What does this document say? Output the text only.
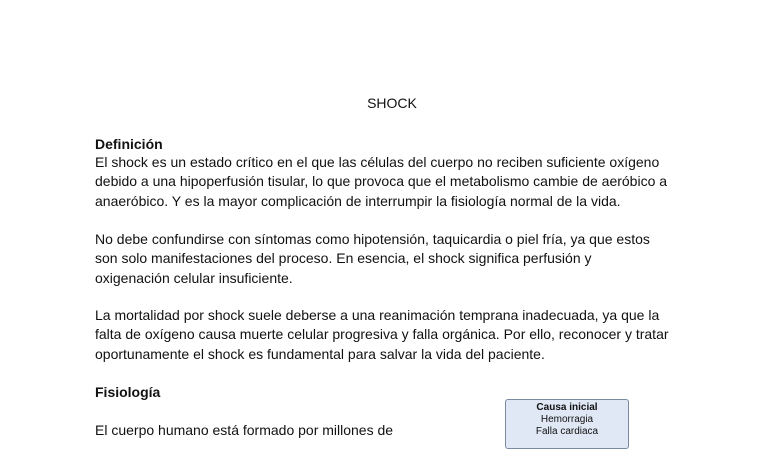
SHOCK
Definición

El shock es un estado crítico en el que las células del cuerpo no reciben suficiente oxígeno
debido a una hipoperfusión tisular, lo que provoca que el metabolismo cambie de aeróbico a
anaeróbico. Y es la mayor complicación de interrumpir la fisiología normal de la vida.

No debe confundirse con síntomas como hipotensión, taquicardia o piel fría, ya que estos
son solo manifestaciones del proceso. En esencia, el shock significa perfusión y
oxigenación celular insuficiente.

La mortalidad por shock suele deberse a una reanimación temprana inadecuada, ya que la
falta de oxígeno causa muerte celular progresiva y falla orgánica. Por ello, reconocer y tratar
oportunamente el shock es fundamental para salvar la vida del paciente.

Fisiología

El cuerpo humano está formado por millones de

Causa inicial
Hemorragia
Falla cardiaca
